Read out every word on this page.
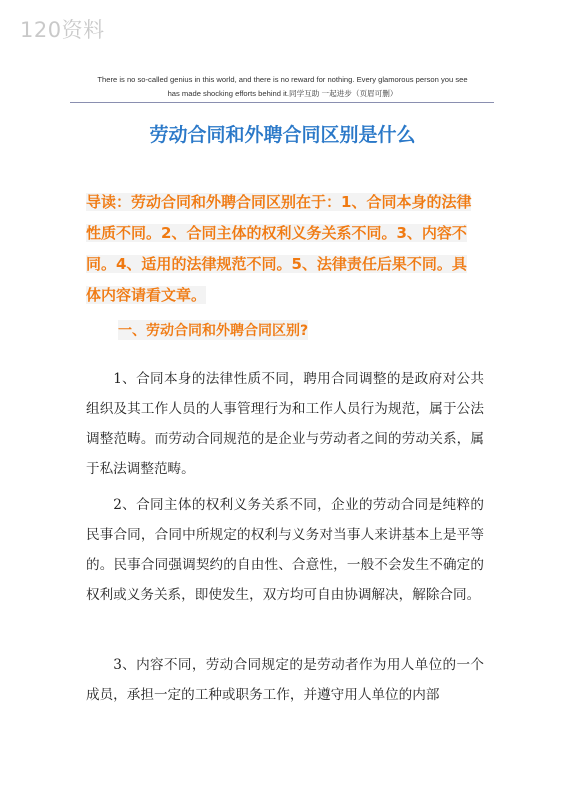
120资料
There is no so-called genius in this world, and there is no reward for nothing. Every glamorous person you see
has made shocking efforts behind it.同学互助 一起进步（页眉可删）
劳动合同和外聘合同区别是什么
导读：劳动合同和外聘合同区别在于：1、合同本身的法律性质不同。2、合同主体的权利义务关系不同。3、内容不同。4、适用的法律规范不同。5、法律责任后果不同。具体内容请看文章。
一、劳动合同和外聘合同区别?
1、合同本身的法律性质不同，聘用合同调整的是政府对公共组织及其工作人员的人事管理行为和工作人员行为规范，属于公法调整范畴。而劳动合同规范的是企业与劳动者之间的劳动关系，属于私法调整范畴。
2、合同主体的权利义务关系不同，企业的劳动合同是纯粹的民事合同，合同中所规定的权利与义务对当事人来讲基本上是平等的。民事合同强调契约的自由性、合意性，一般不会发生不确定的权利或义务关系，即使发生，双方均可自由协调解决，解除合同。
3、内容不同，劳动合同规定的是劳动者作为用人单位的一个成员，承担一定的工种或职务工作，并遵守用人单位的内部
